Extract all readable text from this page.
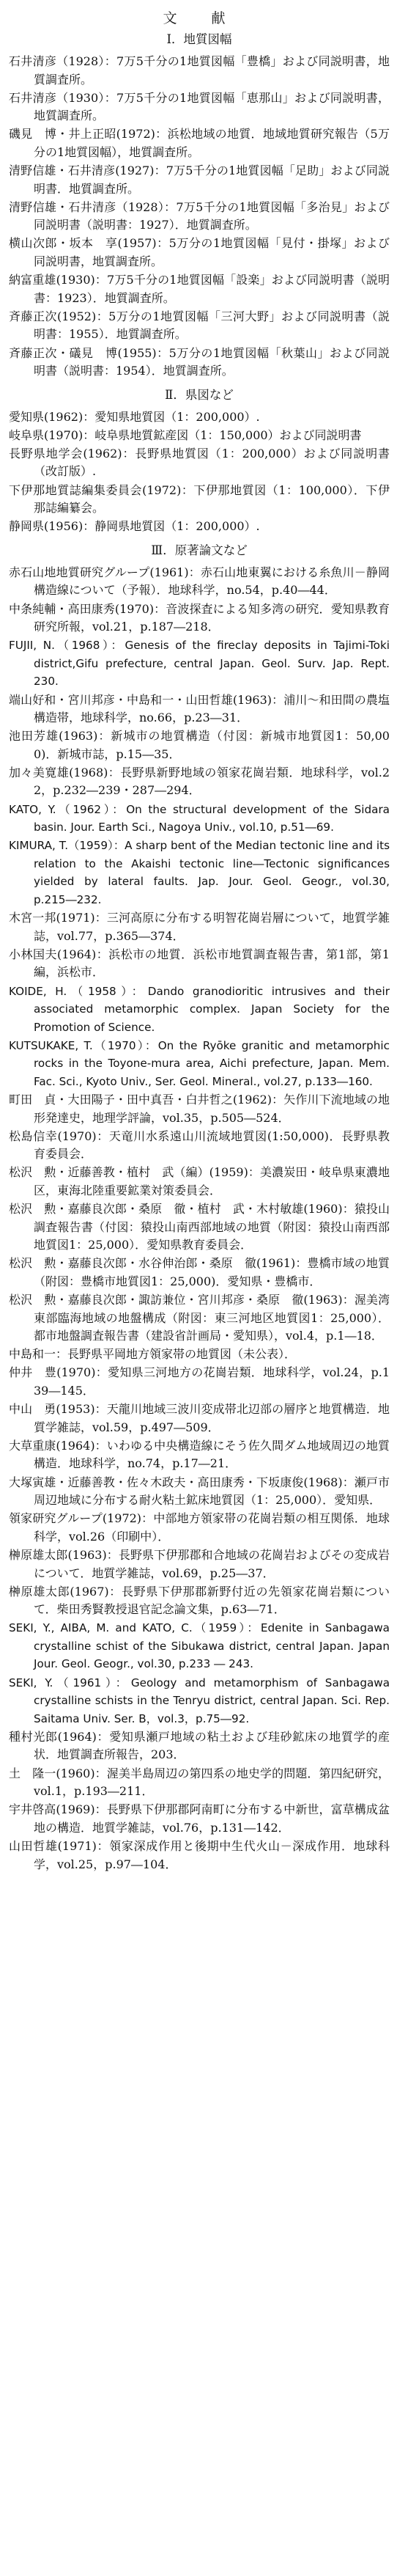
文　献
Ⅰ．地質図幅
石井清彦（1928）：7万5千分の1地質図幅「豊橋」および同説明書，地質調査所。
石井清彦（1930）：7万5千分の1地質図幅「恵那山」および同説明書，地質調査所。
磯見　博・井上正昭(1972)：浜松地域の地質．地域地質研究報告（5万分の1地質図幅），地質調査所。
清野信雄・石井清彦(1927)：7万5千分の1地質図幅「足助」および同説明書．地質調査所。
清野信雄・石井清彦（1928）：7万5千分の1地質図幅「多治見」および同説明書（説明書：1927）．地質調査所。
横山次郎・坂本　享(1957)：5万分の1地質図幅「見付・掛塚」および同説明書，地質調査所。
納富重雄(1930)：7万5千分の1地質図幅「設楽」および同説明書（説明書：1923）．地質調査所。
斉藤正次(1952)：5万分の1地質図幅「三河大野」および同説明書（説明書：1955）．地質調査所。
斉藤正次・礒見　博(1955)：5万分の1地質図幅「秋葉山」および同説明書（説明書：1954）．地質調査所。
Ⅱ．県図など
愛知県(1962)：愛知県地質図（1：200,000）.
岐阜県(1970)：岐阜県地質鉱産図（1：150,000）および同説明書
長野県地学会(1962)：長野県地質図（1：200,000）および同説明書（改訂版）.
下伊那地質誌編集委員会(1972)：下伊那地質図（1：100,000）．下伊那誌編纂会。
静岡県(1956)：静岡県地質図（1：200,000）.
Ⅲ．原著論文など
赤石山地地質研究グループ(1961)：赤石山地東翼における糸魚川－静岡構造線について（予報）．地球科学，no.54，p.40―44．
中条純輔・高田康秀(1970)：音波探査による知多湾の研究．愛知県教育研究所報，vol.21，p.187―218．
FUJII, N.（1968）：Genesis of the fireclay deposits in Tajimi-Toki district,Gifu prefecture, central Japan. Geol. Surv. Jap. Rept. 230.
端山好和・宮川邦彦・中島和一・山田哲雄(1963)：浦川～和田間の農塩構造帯，地球科学，no.66，p.23―31．
池田芳雄(1963)：新城市の地質構造（付図：新城市地質図1：50,000)．新城市誌，p.15―35．
加々美寛雄(1968)：長野県新野地域の領家花崗岩類．地球科学，vol.22，p.232―239・287―294．
KATO, Y.（1962）：On the structural development of the Sidara basin. Jour. Earth Sci., Nagoya Univ., vol.10, p.51―69.
KIMURA, T.（1959）：A sharp bent of the Median tectonic line and its relation to the Akaishi tectonic line―Tectonic significances yielded by lateral faults. Jap. Jour. Geol. Geogr., vol.30, p.215―232.
木宮一邦(1971)：三河高原に分布する明智花崗岩層について，地質学雑誌，vol.77，p.365―374．
小林国夫(1964)：浜松市の地質．浜松市地質調査報告書，第1部，第1編，浜松市．
KOIDE, H.（1958）：Dando granodioritic intrusives and their associated metamorphic complex. Japan Society for the Promotion of Science.
KUTSUKAKE, T.（1970）：On the Ryōke granitic and metamorphic rocks in the Toyone-mura area, Aichi prefecture, Japan. Mem. Fac. Sci., Kyoto Univ., Ser. Geol. Mineral., vol.27, p.133―160.
町田　貞・大田陽子・田中真吾・白井哲之(1962)：矢作川下流地域の地形発達史，地理学評論，vol.35，p.505―524．
松島信幸(1970)：天竜川水系遠山川流域地質図(1:50,000)．長野県教育委員会．
松沢　勲・近藤善教・植村　武（編）(1959)：美濃炭田・岐阜県東濃地区，東海北陸重要鉱業対策委員会．
松沢　勲・嘉藤良次郎・桑原　徹・植村　武・木村敏雄(1960)：猿投山調査報告書（付図：猿投山南西部地域の地質（附図：猿投山南西部地質図1：25,000）．愛知県教育委員会．
松沢　勲・嘉藤良次郎・水谷伸治郎・桑原　徹(1961)：豊橋市域の地質（附図：豊橋市地質図1：25,000)．愛知県・豊橋市．
松沢　勲・嘉藤良次郎・諏訪兼位・宮川邦彦・桑原　徹(1963)：渥美湾東部臨海地域の地盤構成（附図：東三河地区地質図1：25,000）．都市地盤調査報告書（建設省計画局・愛知県），vol.4，p.1―18．
中島和一：長野県平岡地方領家帯の地質図（未公表）．
仲井　豊(1970)：愛知県三河地方の花崗岩類．地球科学，vol.24，p.139―145．
中山　勇(1953)：天龍川地域三波川変成帯北辺部の層序と地質構造．地質学雑誌，vol.59，p.497―509．
大草重康(1964)：いわゆる中央構造線にそう佐久間ダム地域周辺の地質構造．地球科学，no.74，p.17―21．
大塚寅雄・近藤善教・佐々木政夫・高田康秀・下坂康俊(1968)：瀬戸市周辺地域に分布する耐火粘土鉱床地質図（1：25,000）．愛知県．
領家研究グループ(1972)：中部地方領家帯の花崗岩類の相互関係．地球科学，vol.26（印刷中）．
榊原雄太郎(1963)：長野県下伊那郡和合地域の花崗岩およびその変成岩について．地質学雑誌，vol.69，p.25―37．
榊原雄太郎(1967)：長野県下伊那郡新野付近の先領家花崗岩類について．柴田秀賢教授退官記念論文集，p.63―71．
SEKI, Y., AIBA, M. and KATO, C.（1959）：Edenite in Sanbagawa crystalline schist of the Sibukawa district, central Japan. Japan Jour. Geol. Geogr., vol.30, p.233 ― 243.
SEKI, Y.（1961）：Geology and metamorphism of Sanbagawa crystalline schists in the Tenryu district, central Japan. Sci. Rep. Saitama Univ. Ser. B，vol.3，p.75―92.
種村光郎(1964)：愛知県瀬戸地域の粘土および珪砂鉱床の地質学的産状．地質調査所報告，203．
土　隆一(1960)：渥美半島周辺の第四系の地史学的問題．第四紀研究，vol.1，p.193―211．
宇井啓高(1969)：長野県下伊那郡阿南町に分布する中新世，富草構成盆地の構造．地質学雑誌，vol.76，p.131―142．
山田哲雄(1971)：領家深成作用と後期中生代火山－深成作用．地球科学，vol.25，p.97―104．
